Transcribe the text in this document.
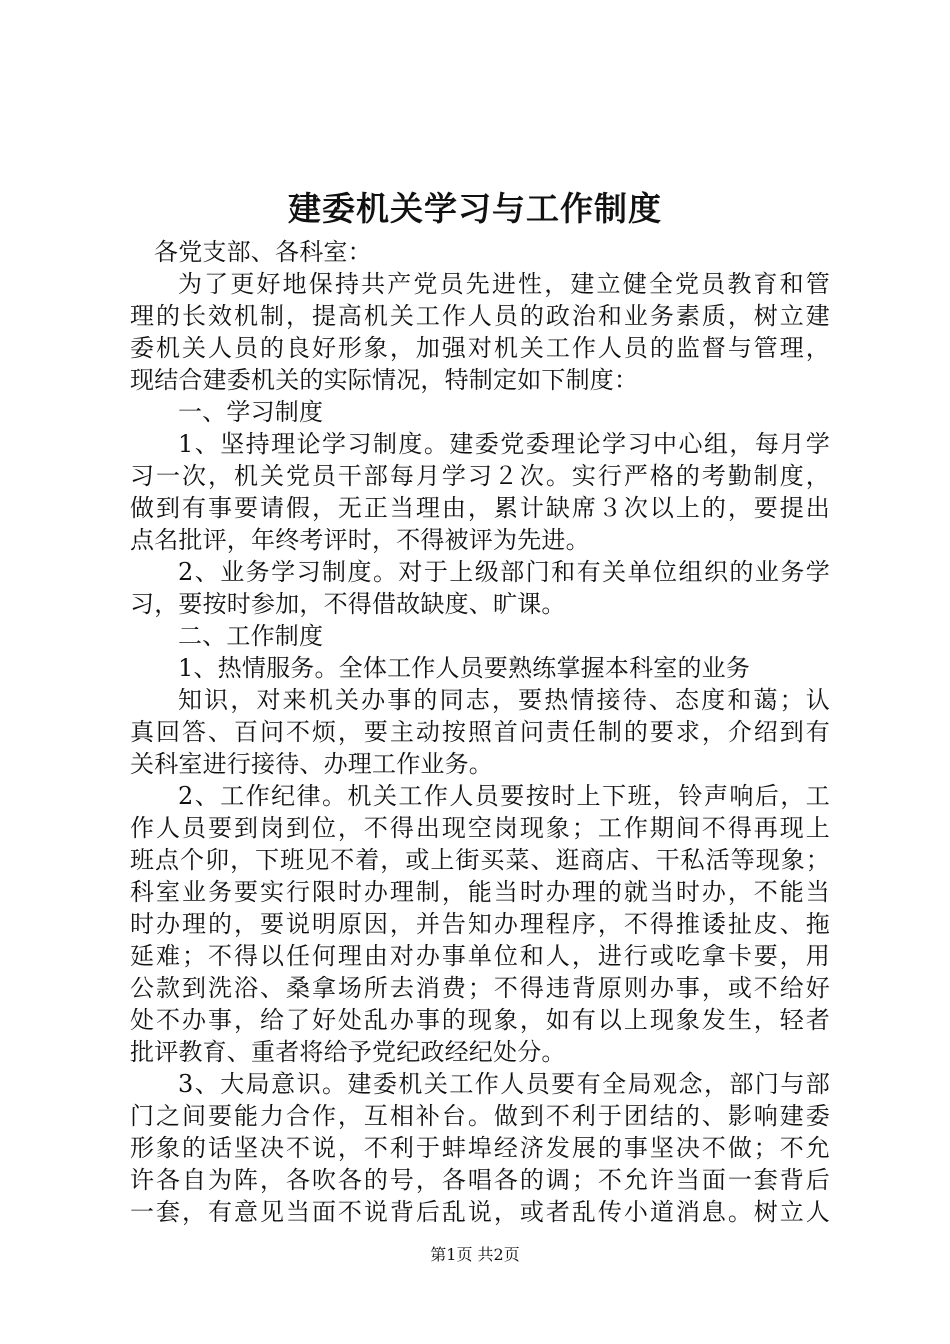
建委机关学习与工作制度
各党支部、各科室：
为了更好地保持共产党员先进性，建立健全党员教育和管
理的长效机制，提高机关工作人员的政治和业务素质，树立建
委机关人员的良好形象，加强对机关工作人员的监督与管理，
现结合建委机关的实际情况，特制定如下制度：
一、学习制度
1、坚持理论学习制度。建委党委理论学习中心组，每月学
习一次，机关党员干部每月学习２次。实行严格的考勤制度，
做到有事要请假，无正当理由，累计缺席３次以上的，要提出
点名批评，年终考评时，不得被评为先进。
2、业务学习制度。对于上级部门和有关单位组织的业务学
习，要按时参加，不得借故缺度、旷课。
二、工作制度
1、热情服务。全体工作人员要熟练掌握本科室的业务
知识，对来机关办事的同志，要热情接待、态度和蔼；认
真回答、百问不烦，要主动按照首问责任制的要求，介绍到有
关科室进行接待、办理工作业务。
2、工作纪律。机关工作人员要按时上下班，铃声响后，工
作人员要到岗到位，不得出现空岗现象；工作期间不得再现上
班点个卯，下班见不着，或上街买菜、逛商店、干私活等现象；
科室业务要实行限时办理制，能当时办理的就当时办，不能当
时办理的，要说明原因，并告知办理程序，不得推诿扯皮、拖
延难；不得以任何理由对办事单位和人，进行或吃拿卡要，用
公款到洗浴、桑拿场所去消费；不得违背原则办事，或不给好
处不办事，给了好处乱办事的现象，如有以上现象发生，轻者
批评教育、重者将给予党纪政经纪处分。
3、大局意识。建委机关工作人员要有全局观念，部门与部
门之间要能力合作，互相补台。做到不利于团结的、影响建委
形象的话坚决不说，不利于蚌埠经济发展的事坚决不做；不允
许各自为阵，各吹各的号，各唱各的调；不允许当面一套背后
一套，有意见当面不说背后乱说，或者乱传小道消息。树立人
第1页 共2页
